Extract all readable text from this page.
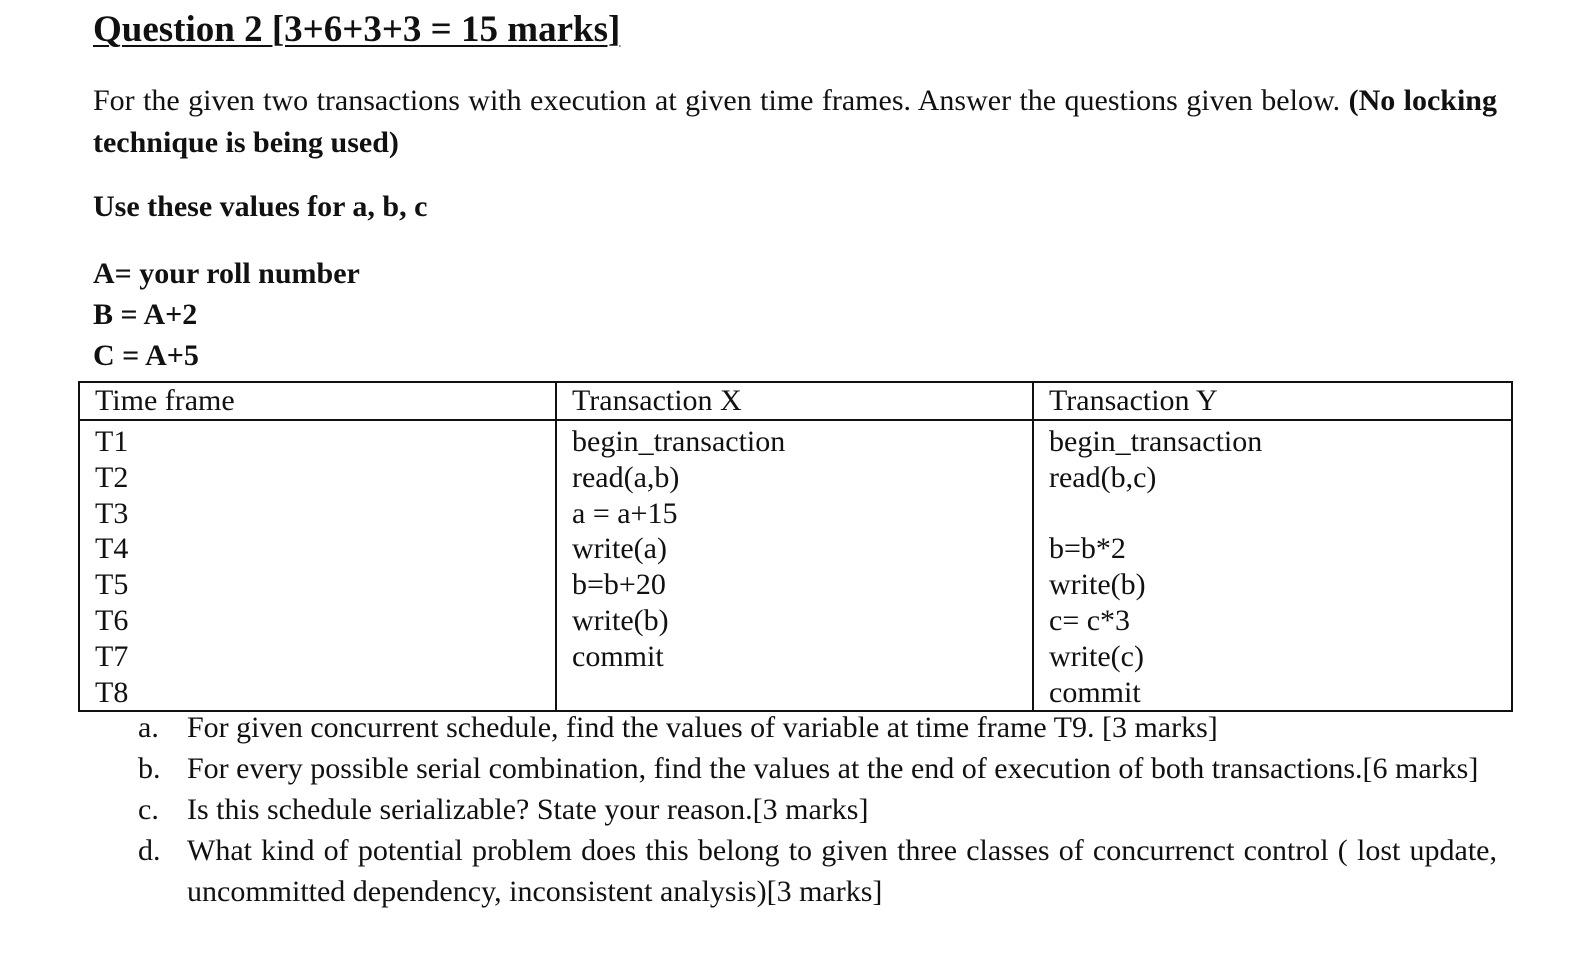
Question 2 [3+6+3+3 = 15 marks]

For the given two transactions with execution at given time frames. Answer the questions given below. (No locking technique is being used)

Use these values for a, b, c

A= your roll number

B = A+2

C = A+5

Time frame	Transaction X	Transaction Y
T1	begin_transaction	begin_transaction
T2	read(a,b)	read(b,c)
T3	a = a+15	
T4	write(a)	b=b*2
T5	b=b+20	write(b)
T6	write(b)	c= c*3
T7	commit	write(c)
T8		commit
a. For given concurrent schedule, find the values of variable at time frame T9. [3 marks]
b. For every possible serial combination, find the values at the end of execution of both transactions.[6 marks]
c. Is this schedule serializable? State your reason.[3 marks]
d. What kind of potential problem does this belong to given three classes of concurrenct control ( lost update, uncommitted dependency, inconsistent analysis)[3 marks]
